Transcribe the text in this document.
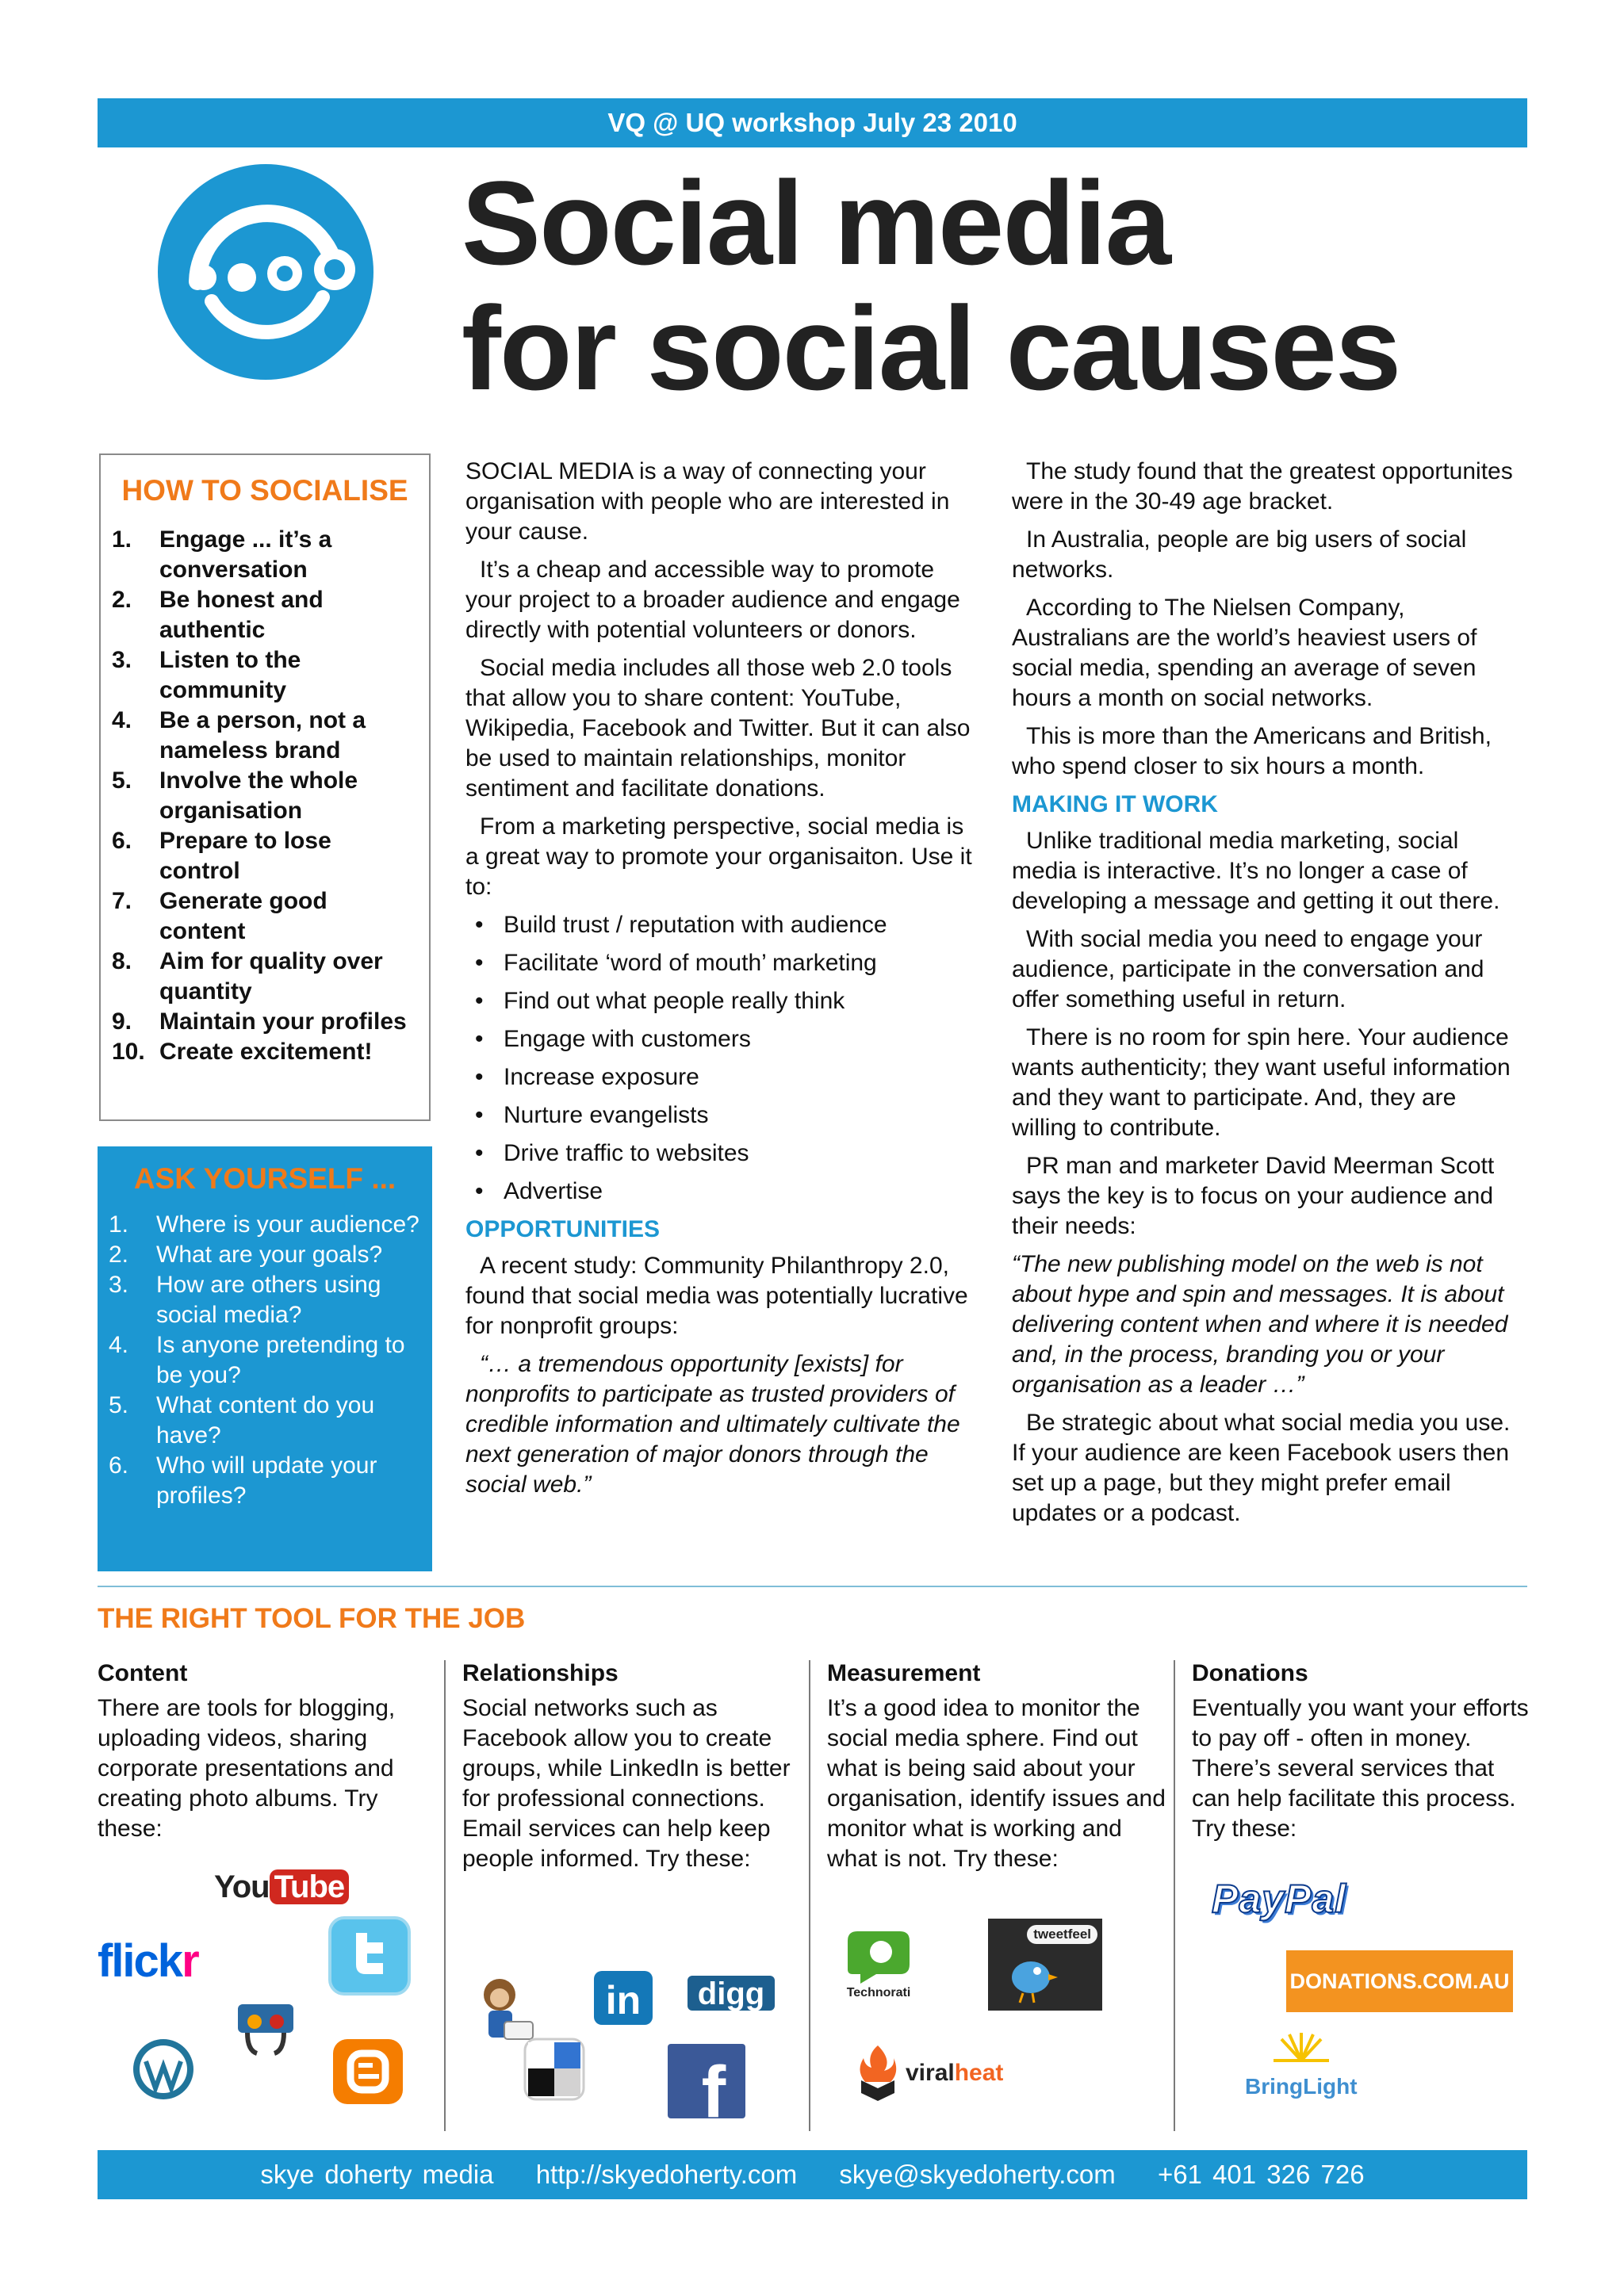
VQ @ UQ workshop July 23 2010
Social media
for social causes
HOW TO SOCIALISE
1.	Engage ... it’s a conversation
2.	Be honest and authentic
3.	Listen to the community
4.	Be a person, not a nameless brand
5.	Involve the whole organisation
6.	Prepare to lose control
7.	Generate good content
8.	Aim for quality over quantity
9.	Maintain your profiles
10. Create excitement!
ASK YOURSELF ...
1.	Where is your audience?
2.	What are your goals?
3.	How are others using social media?
4.	Is anyone pretending to be you?
5.	What content do you have?
6.	Who will update your profiles?

SOCIAL MEDIA is a way of connecting your organisation with people who are interested in your cause.

It’s a cheap and accessible way to promote your project to a broader audience and engage directly with potential volunteers or donors.

Social media includes all those web 2.0 tools that allow you to share content: YouTube, Wikipedia, Facebook and Twitter. But it can also be used to maintain relationships, monitor sentiment and facilitate donations.

From a marketing perspective, social media is a great way to promote your organisaiton. Use it to:

• Build trust / reputation with audience
• Facilitate ‘word of mouth’ marketing
• Find out what people really think
• Engage with customers
• Increase exposure
• Nurture evangelists
• Drive traffic to websites
• Advertise
OPPORTUNITIES

A recent study: Community Philanthropy 2.0, found that social media was potentially lucrative for nonprofit groups:

“… a tremendous opportunity [exists] for nonprofits to participate as trusted providers of credible information and ultimately cultivate the next generation of major donors through the social web.”

The study found that the greatest opportunites were in the 30-49 age bracket.

In Australia, people are big users of social networks.

According to The Nielsen Company, Australians are the world’s heaviest users of social media, spending an average of seven hours a month on social networks.

This is more than the Americans and British, who spend closer to six hours a month.

MAKING IT WORK

Unlike traditional media marketing, social media is interactive. It’s no longer a case of developing a message and getting it out there.

With social media you need to engage your audience, participate in the conversation and offer something useful in return.

There is no room for spin here. Your audience wants authenticity; they want useful information and they want to participate. And, they are willing to contribute.

PR man and marketer David Meerman Scott says the key is to focus on your audience and their needs:

“The new publishing model on the web is not about hype and spin and messages. It is about delivering content when and where it is needed and, in the process, branding you or your organisation as a leader …”

Be strategic about what social media you use. If your audience are keen Facebook users then set up a page, but they might prefer email updates or a podcast.

THE RIGHT TOOL FOR THE JOB
Content

There are tools for blogging, uploading videos, sharing corporate presentations and creating photo albums. Try these:

Relationships

Social networks such as Facebook allow you to create groups, while LinkedIn is better for professional connections. Email services can help keep people informed. Try these:

Measurement

It’s a good idea to monitor the social media sphere. Find out what is being said about your organisation, identify issues and monitor what is working and what is not. Try these:

Donations

Eventually you want your efforts to pay off - often in money. There’s several services that can help facilitate this process. Try these:

You Tube
flickr
in digg
f
Technorati
tweetfeel
viralheat
PayPal
DONATIONS.COM.AU
BringLight
skye doherty media http://skyedoherty.com skye@skyedoherty.com +61 401 326 726
